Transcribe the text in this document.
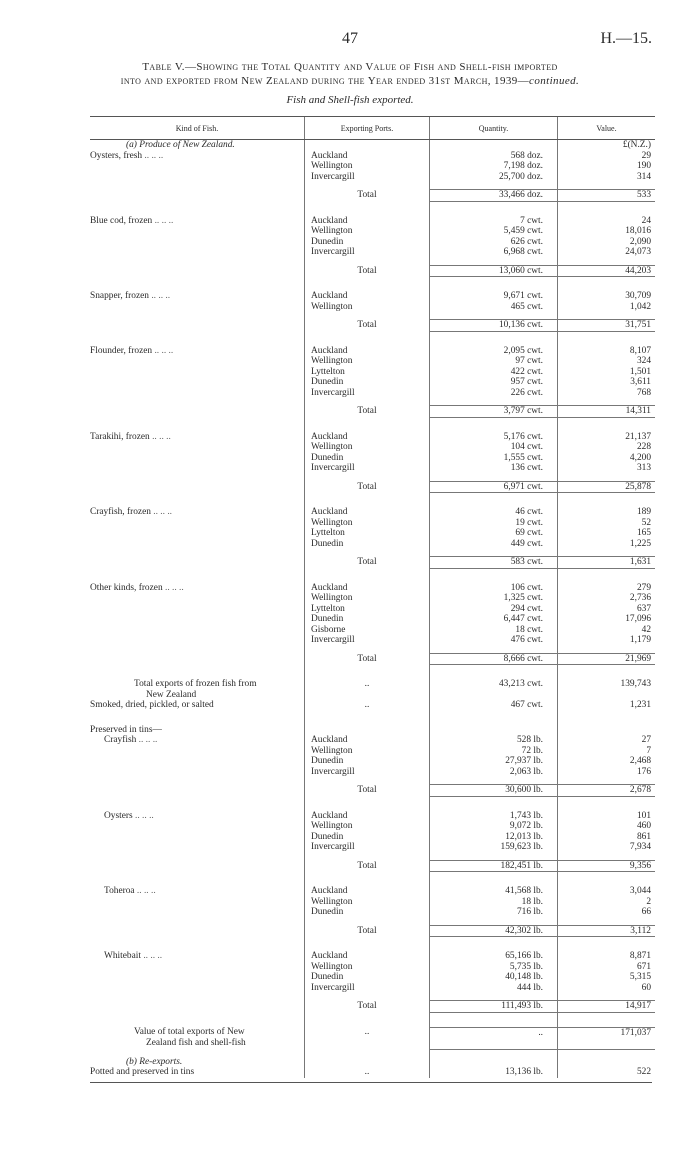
47	H.—15.
Table V.—Showing the Total Quantity and Value of Fish and Shell-fish imported
into and exported from New Zealand during the Year ended 31st March, 1939—continued.
Fish and Shell-fish exported.
Kind of Fish.	Exporting Ports.	Quantity.	Value.
(a) Produce of New Zealand.			£(N.Z.)
Oysters, fresh .. .. ..	Auckland	568 doz.	29
	Wellington	7,198 doz.	190
	Invercargill	25,700 doz.	314

	Total	33,466 doz.	533

Blue cod, frozen .. .. ..	Auckland	7 cwt.	24
	Wellington	5,459 cwt.	18,016
	Dunedin	626 cwt.	2,090
	Invercargill	6,968 cwt.	24,073

	Total	13,060 cwt.	44,203

Snapper, frozen .. .. ..	Auckland	9,671 cwt.	30,709
	Wellington	465 cwt.	1,042

	Total	10,136 cwt.	31,751

Flounder, frozen .. .. ..	Auckland	2,095 cwt.	8,107
	Wellington	97 cwt.	324
	Lyttelton	422 cwt.	1,501
	Dunedin	957 cwt.	3,611
	Invercargill	226 cwt.	768

	Total	3,797 cwt.	14,311

Tarakihi, frozen .. .. ..	Auckland	5,176 cwt.	21,137
	Wellington	104 cwt.	228
	Dunedin	1,555 cwt.	4,200
	Invercargill	136 cwt.	313

	Total	6,971 cwt.	25,878

Crayfish, frozen .. .. ..	Auckland	46 cwt.	189
	Wellington	19 cwt.	52
	Lyttelton	69 cwt.	165
	Dunedin	449 cwt.	1,225

	Total	583 cwt.	1,631

Other kinds, frozen .. .. ..	Auckland	106 cwt.	279
	Wellington	1,325 cwt.	2,736
	Lyttelton	294 cwt.	637
	Dunedin	6,447 cwt.	17,096
	Gisborne	18 cwt.	42
	Invercargill	476 cwt.	1,179

	Total	8,666 cwt.	21,969

Total exports of frozen fish from	..	43,213 cwt.	139,743
New Zealand			
Smoked, dried, pickled, or salted	..	467 cwt.	1,231

Preserved in tins—			
Crayfish .. .. ..	Auckland	528 lb.	27
	Wellington	72 lb.	7
	Dunedin	27,937 lb.	2,468
	Invercargill	2,063 lb.	176

	Total	30,600 lb.	2,678

Oysters .. .. ..	Auckland	1,743 lb.	101
	Wellington	9,072 lb.	460
	Dunedin	12,013 lb.	861
	Invercargill	159,623 lb.	7,934

	Total	182,451 lb.	9,356

Toheroa .. .. ..	Auckland	41,568 lb.	3,044
	Wellington	18 lb.	2
	Dunedin	716 lb.	66

	Total	42,302 lb.	3,112

Whitebait .. .. ..	Auckland	65,166 lb.	8,871
	Wellington	5,735 lb.	671
	Dunedin	40,148 lb.	5,315
	Invercargill	444 lb.	60

	Total	111,493 lb.	14,917

Value of total exports of New	..	..	171,037
Zealand fish and shell-fish			

(b) Re-exports.			
Potted and preserved in tins	..	13,136 lb.	522
